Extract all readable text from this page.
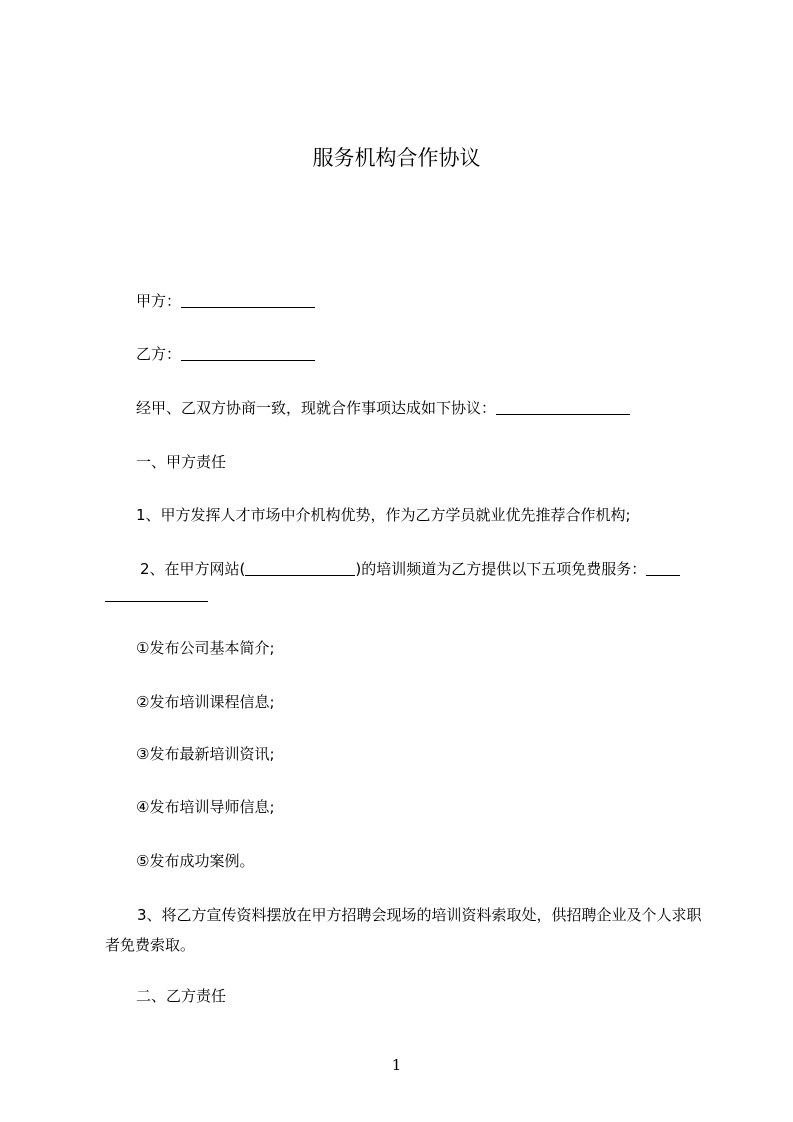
服务机构合作协议
甲方：
乙方：
经甲、乙双方协商一致，现就合作事项达成如下协议：
一、甲方责任
1、甲方发挥人才市场中介机构优势，作为乙方学员就业优先推荐合作机构;
2、在甲方网站(	)的培训频道为乙方提供以下五项免费服务：
①发布公司基本简介;
②发布培训课程信息;
③发布最新培训资讯;
④发布培训导师信息;
⑤发布成功案例。
3、将乙方宣传资料摆放在甲方招聘会现场的培训资料索取处，供招聘企业及个人求职者免费索取。
二、乙方责任
1
